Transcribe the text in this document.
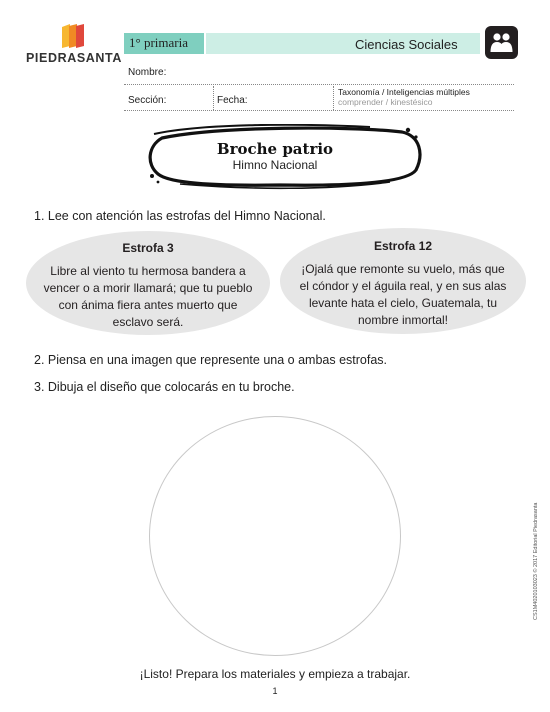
PIEDRASANTA
1° primaria	Ciencias Sociales
Nombre:
Sección:	Fecha:
Taxonomía / Inteligencias múltiples
comprender / kinestésico
Broche patrio
Himno Nacional
1. Lee con atención las estrofas del Himno Nacional.
Estrofa 3
Libre al viento tu hermosa bandera a
vencer o a morir llamará; que tu pueblo
con ánima fiera antes muerto que
esclavo será.
Estrofa 12
¡Ojalá que remonte su vuelo, más que
el cóndor y el águila real, y en sus alas
levante hata el cielo, Guatemala, tu
nombre inmortal!
2. Piensa en una imagen que represente una o ambas estrofas.
3. Dibuja el diseño que colocarás en tu broche.
¡Listo! Prepara los materiales y empieza a trabajar.
1
CS1M4020103023 © 2017 Editorial Piedrasanta
